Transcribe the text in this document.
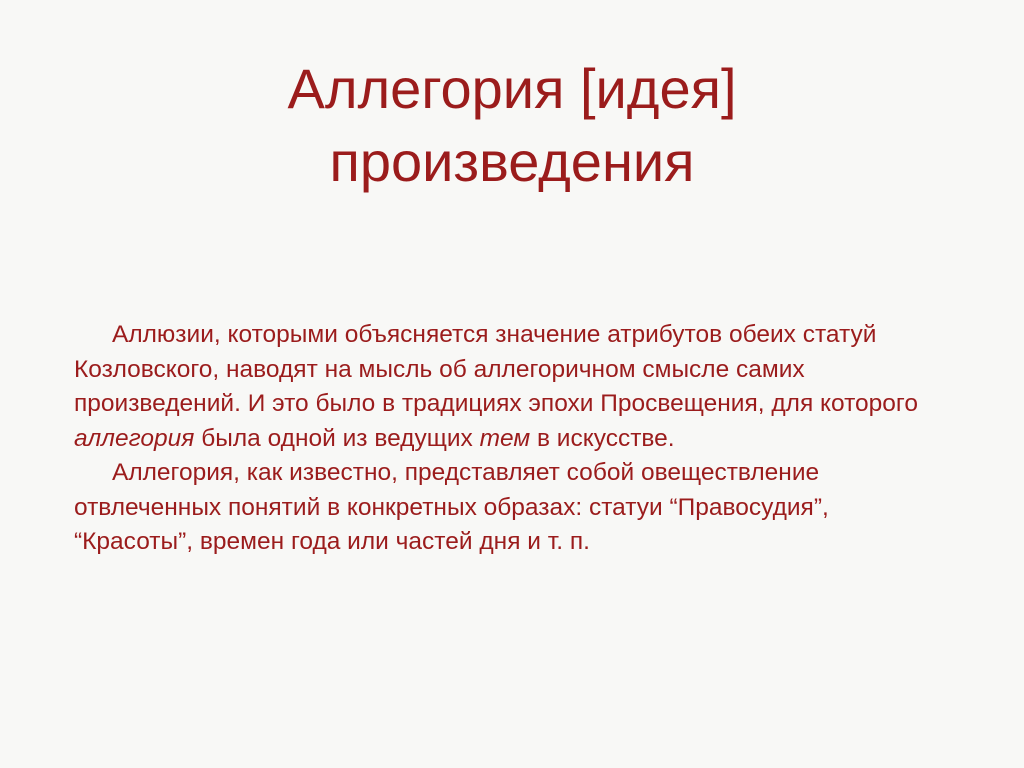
Аллегория [идея]
произведения

Аллюзии, которыми объясняется значение атрибутов обеих статуй Козловского, наводят на мысль об аллегоричном смысле самих произведений. И это было в традициях эпохи Просвещения, для которого аллегория была одной из ведущих тем в искусстве.

Аллегория, как известно, представляет собой овеществление отвлеченных понятий в конкретных образах: статуи “Правосудия”, “Красоты”, времен года или частей дня и т. п.
